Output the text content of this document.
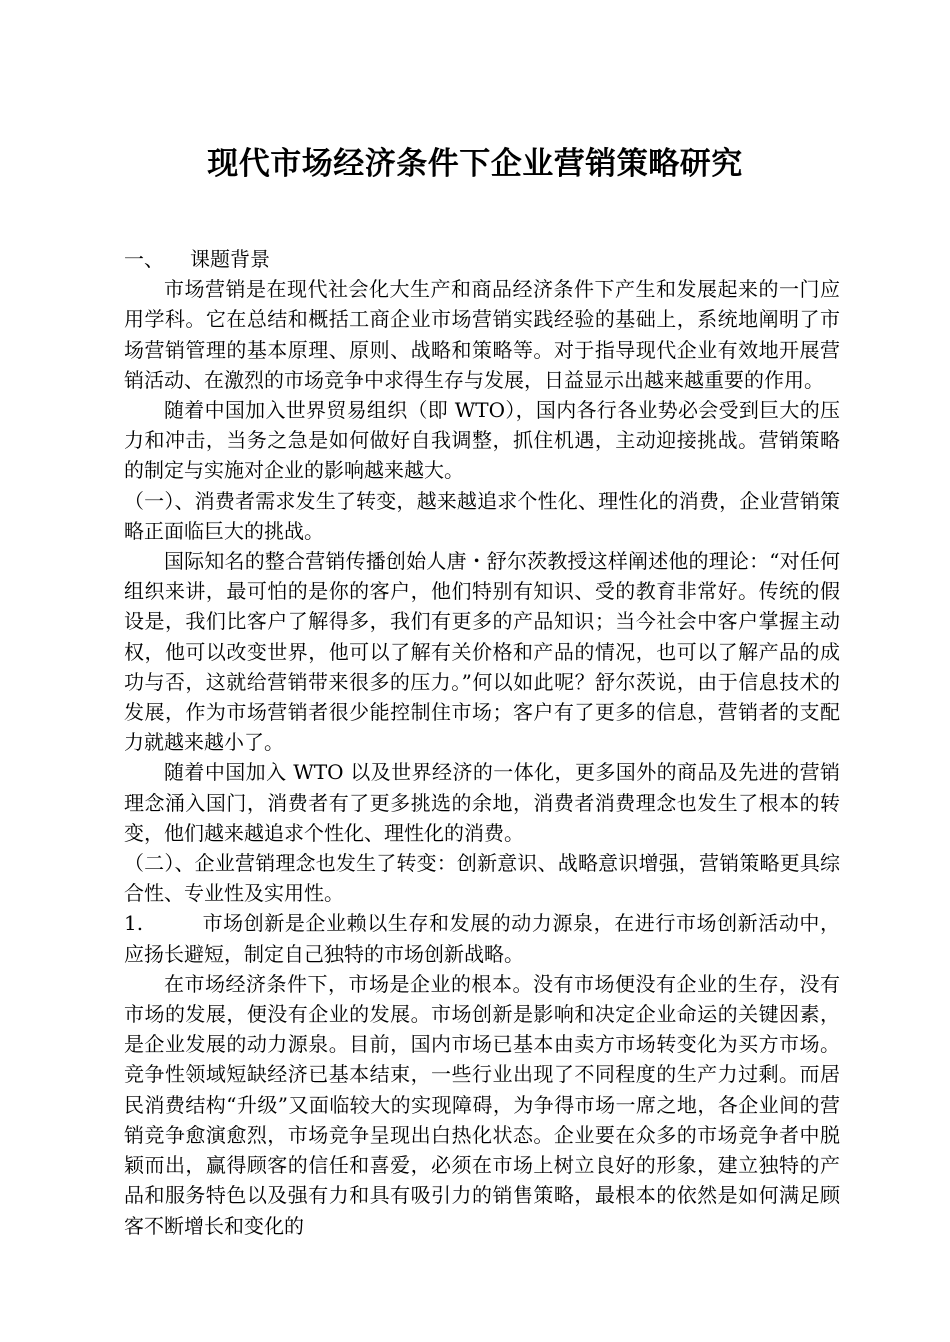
现代市场经济条件下企业营销策略研究

一、 课题背景

市场营销是在现代社会化大生产和商品经济条件下产生和发展起来的一门应用学科。它在总结和概括工商企业市场营销实践经验的基础上，系统地阐明了市场营销管理的基本原理、原则、战略和策略等。对于指导现代企业有效地开展营销活动、在激烈的市场竞争中求得生存与发展，日益显示出越来越重要的作用。

随着中国加入世界贸易组织（即 WTO），国内各行各业势必会受到巨大的压力和冲击，当务之急是如何做好自我调整，抓住机遇，主动迎接挑战。营销策略的制定与实施对企业的影响越来越大。

（一）、消费者需求发生了转变，越来越追求个性化、理性化的消费，企业营销策略正面临巨大的挑战。

国际知名的整合营销传播创始人唐・舒尔茨教授这样阐述他的理论：“对任何组织来讲，最可怕的是你的客户，他们特别有知识、受的教育非常好。传统的假设是，我们比客户了解得多，我们有更多的产品知识；当今社会中客户掌握主动权，他可以改变世界，他可以了解有关价格和产品的情况，也可以了解产品的成功与否，这就给营销带来很多的压力。”何以如此呢？舒尔茨说，由于信息技术的发展，作为市场营销者很少能控制住市场；客户有了更多的信息，营销者的支配力就越来越小了。

随着中国加入 WTO 以及世界经济的一体化，更多国外的商品及先进的营销理念涌入国门，消费者有了更多挑选的余地，消费者消费理念也发生了根本的转变，他们越来越追求个性化、理性化的消费。

（二）、企业营销理念也发生了转变：创新意识、战略意识增强，营销策略更具综合性、专业性及实用性。

1.	市场创新是企业赖以生存和发展的动力源泉，在进行市场创新活动中，应扬长避短，制定自己独特的市场创新战略。

在市场经济条件下，市场是企业的根本。没有市场便没有企业的生存，没有市场的发展，便没有企业的发展。市场创新是影响和决定企业命运的关键因素，是企业发展的动力源泉。目前，国内市场已基本由卖方市场转变化为买方市场。竞争性领域短缺经济已基本结束，一些行业出现了不同程度的生产力过剩。而居民消费结构“升级”又面临较大的实现障碍，为争得市场一席之地，各企业间的营销竞争愈演愈烈，市场竞争呈现出白热化状态。企业要在众多的市场竞争者中脱颖而出，赢得顾客的信任和喜爱，必须在市场上树立良好的形象，建立独特的产品和服务特色以及强有力和具有吸引力的销售策略，最根本的依然是如何满足顾客不断增长和变化的
